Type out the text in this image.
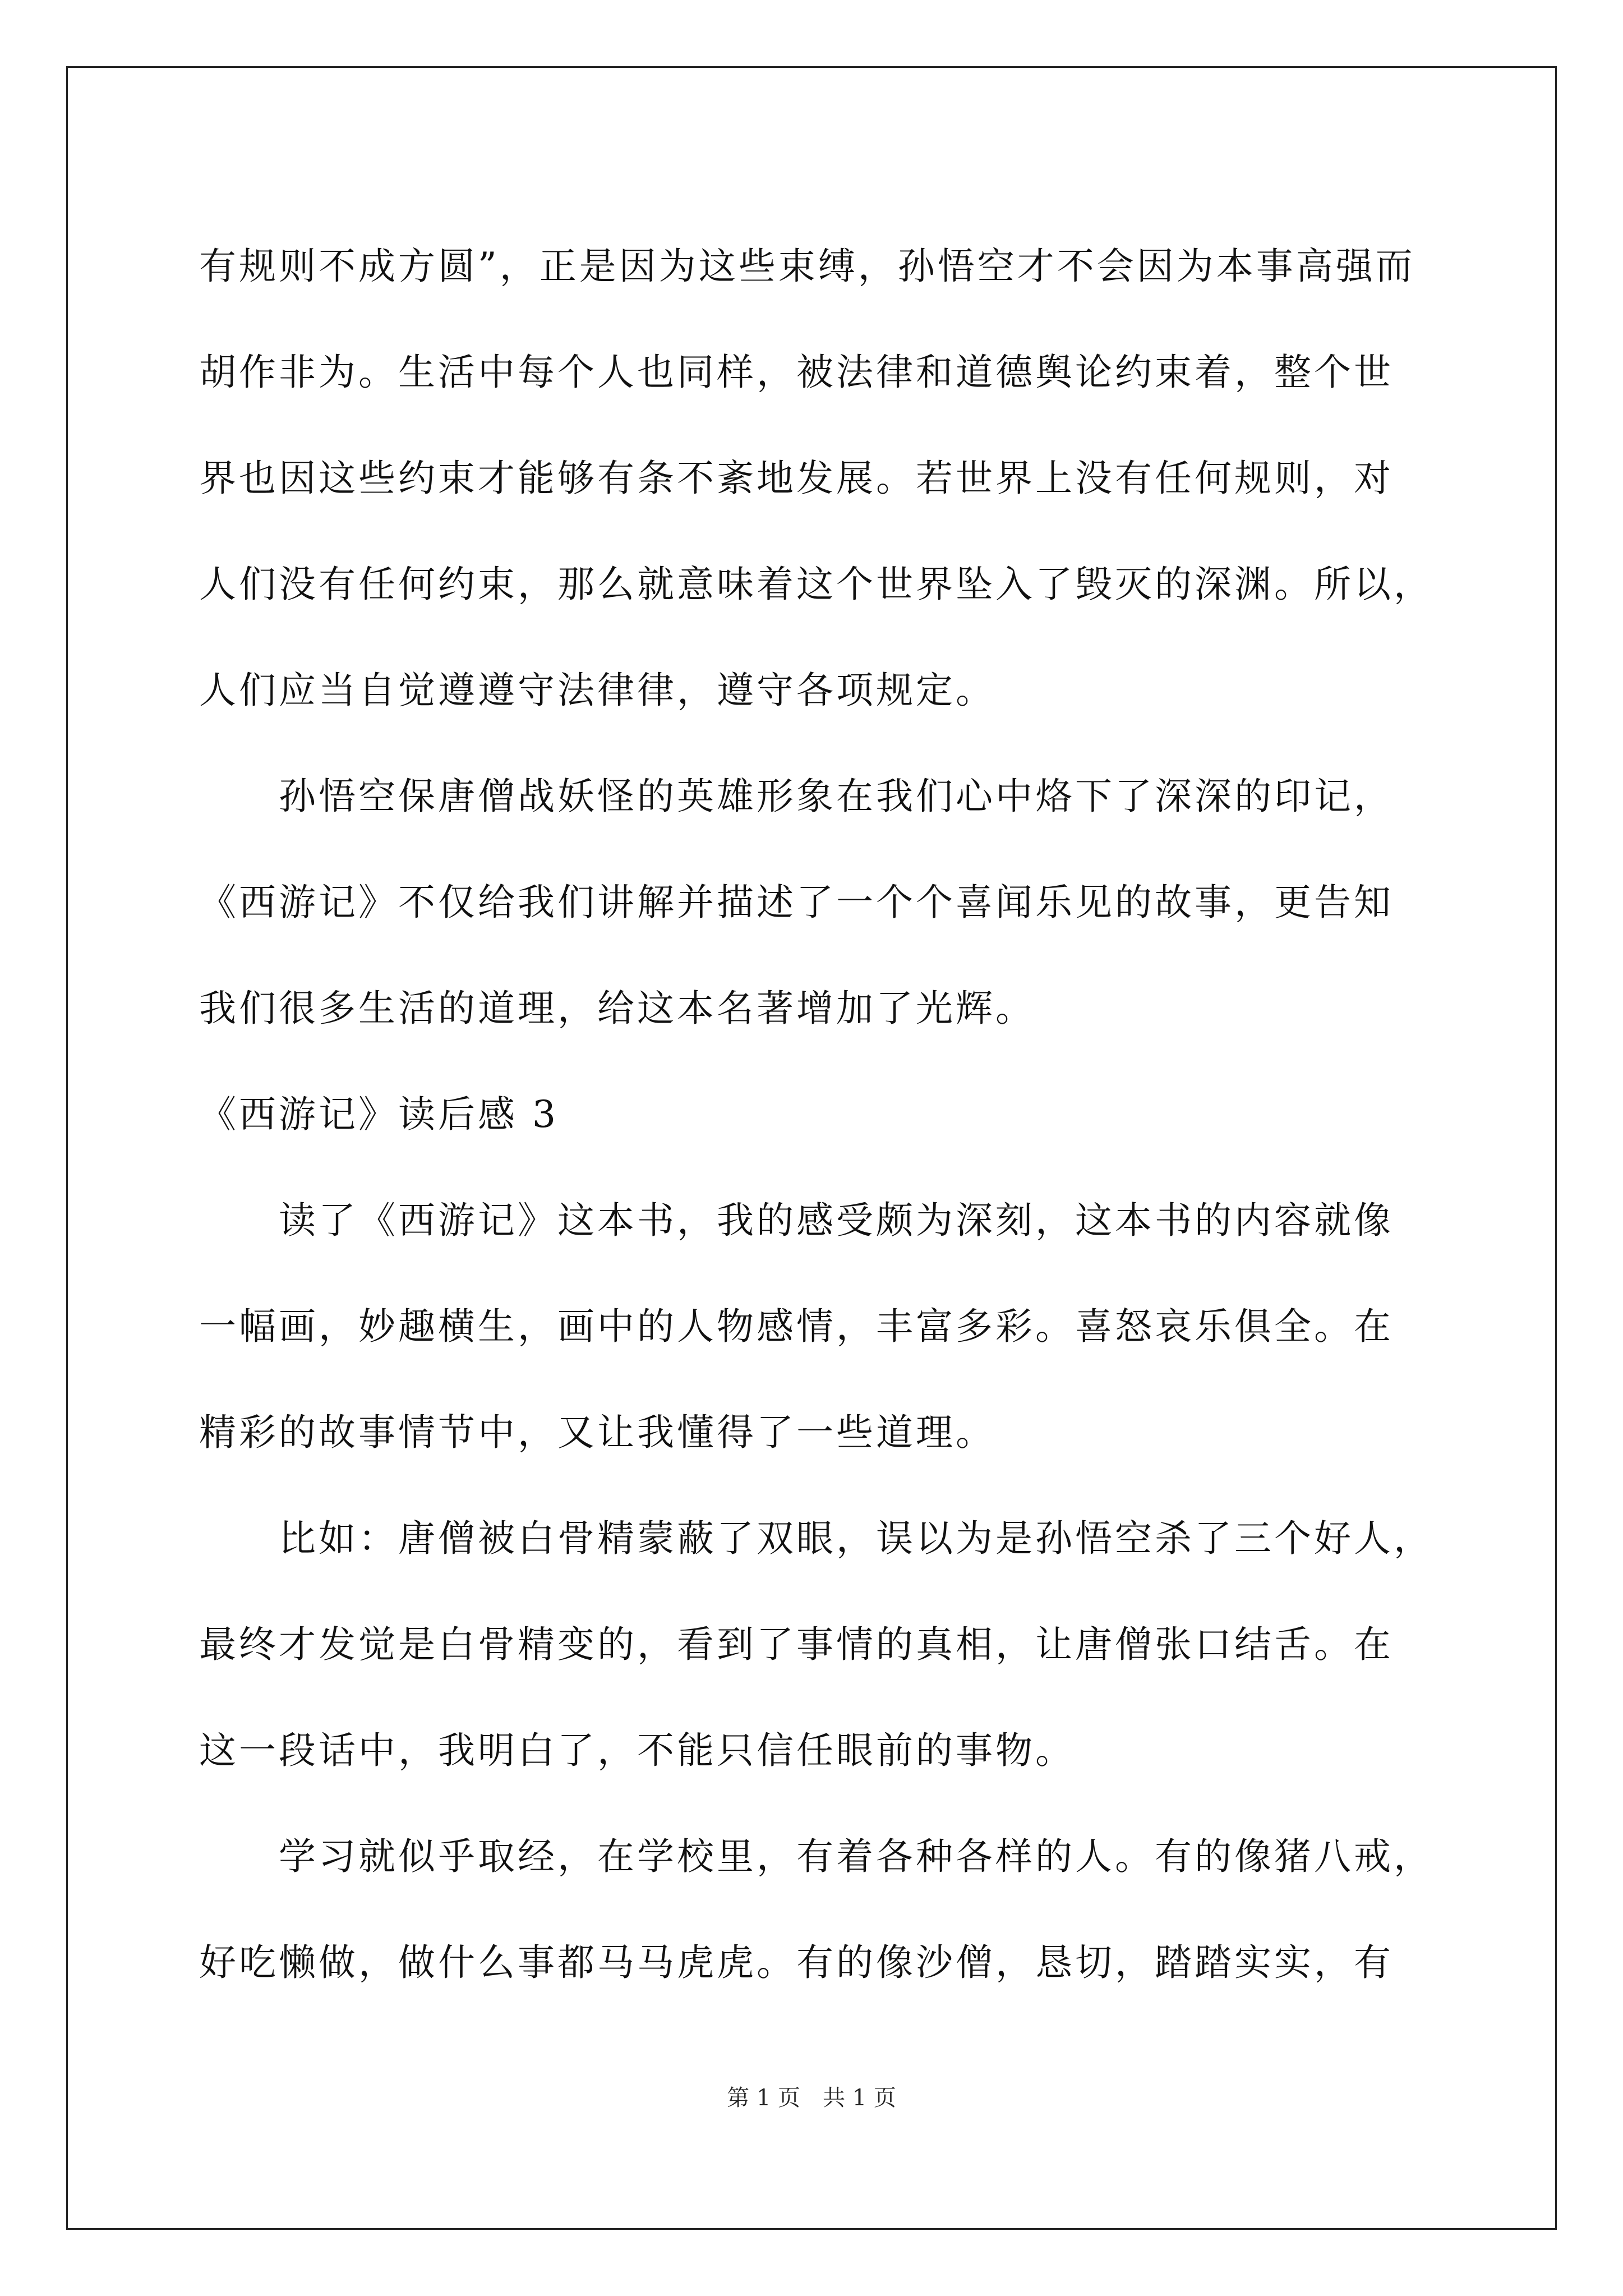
有规则不成方圆”，正是因为这些束缚，孙悟空才不会因为本事高强而
胡作非为。生活中每个人也同样，被法律和道德舆论约束着，整个世
界也因这些约束才能够有条不紊地发展。若世界上没有任何规则，对
人们没有任何约束，那么就意味着这个世界坠入了毁灭的深渊。所以，
人们应当自觉遵遵守法律律，遵守各项规定。
孙悟空保唐僧战妖怪的英雄形象在我们心中烙下了深深的印记，
《西游记》不仅给我们讲解并描述了一个个喜闻乐见的故事，更告知
我们很多生活的道理，给这本名著增加了光辉。
《西游记》读后感 3
读了《西游记》这本书，我的感受颇为深刻，这本书的内容就像
一幅画，妙趣横生，画中的人物感情，丰富多彩。喜怒哀乐俱全。在
精彩的故事情节中，又让我懂得了一些道理。
比如：唐僧被白骨精蒙蔽了双眼，误以为是孙悟空杀了三个好人，
最终才发觉是白骨精变的，看到了事情的真相，让唐僧张口结舌。在
这一段话中，我明白了，不能只信任眼前的事物。
学习就似乎取经，在学校里，有着各种各样的人。有的像猪八戒，
好吃懒做，做什么事都马马虎虎。有的像沙僧，恳切，踏踏实实，有
第 1 页　共 1 页
